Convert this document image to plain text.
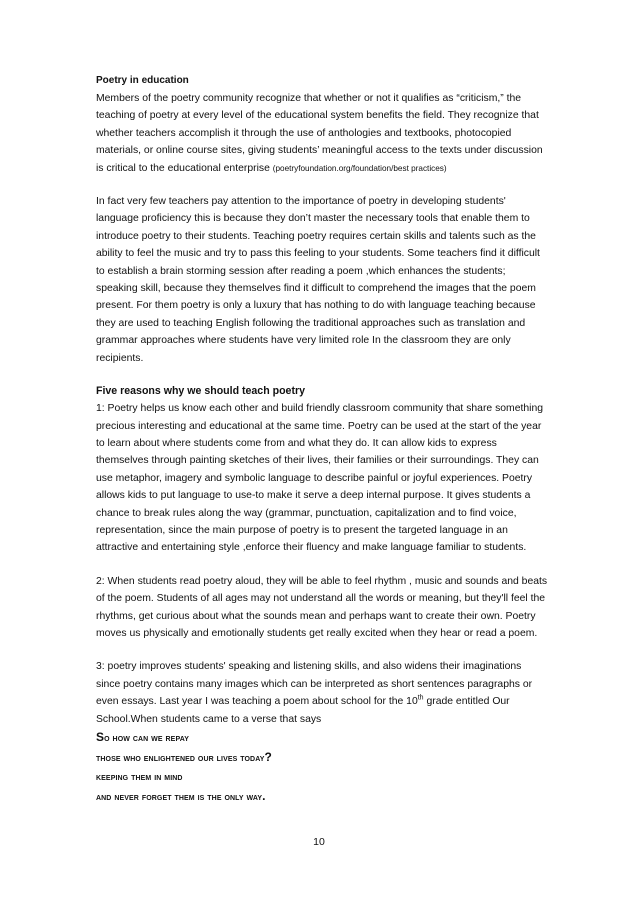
Poetry in education

Members of the poetry community recognize that whether or not it qualifies as “criticism,” the teaching of poetry at every level of the educational system benefits the field. They recognize that whether teachers accomplish it through the use of anthologies and textbooks, photocopied materials, or online course sites, giving students’ meaningful access to the texts under discussion is critical to the educational enterprise (poetryfoundation.org/foundation/best practices)

In fact very few teachers pay attention to the importance of poetry in developing students' language proficiency this is because they don’t master the necessary tools that enable them to introduce poetry to their students. Teaching poetry requires certain skills and talents such as the ability to feel the music and try to pass this feeling to your students. Some teachers find it difficult to establish a brain storming session after reading a poem ,which enhances the students; speaking skill, because they themselves find it difficult to comprehend the images that the poem present. For them poetry is only a luxury that has nothing to do with language teaching because they are used to teaching English following the traditional approaches such as translation and grammar approaches where students have very limited role In the classroom they are only recipients.

Five reasons why we should teach poetry

1: Poetry helps us know each other and build friendly classroom community that share something precious interesting and educational at the same time. Poetry can be used at the start of the year to learn about where students come from and what they do. It can allow kids to express themselves through painting sketches of their lives, their families or their surroundings. They can use metaphor, imagery and symbolic language to describe painful or joyful experiences. Poetry allows kids to put language to use-to make it serve a deep internal purpose. It gives students a chance to break rules along the way (grammar, punctuation, capitalization and to find voice, representation, since the main purpose of poetry is to present the targeted language in an attractive and entertaining style ,enforce their fluency and make language familiar to students.

2: When students read poetry aloud, they will be able to feel rhythm , music and sounds and beats of the poem. Students of all ages may not understand all the words or meaning, but they'll feel the rhythms, get curious about what the sounds mean and perhaps want to create their own. Poetry moves us physically and emotionally students get really excited when they hear or read a poem.

3: poetry improves students' speaking and listening skills, and also widens their imaginations since poetry contains many images which can be interpreted as short sentences paragraphs or even essays. Last year I was teaching a poem about school for the 10th grade entitled Our School.When students came to a verse that says

So how can we repay
those who enlightened our lives today?
keeping them in mind
and never forget them is the only way.
10
